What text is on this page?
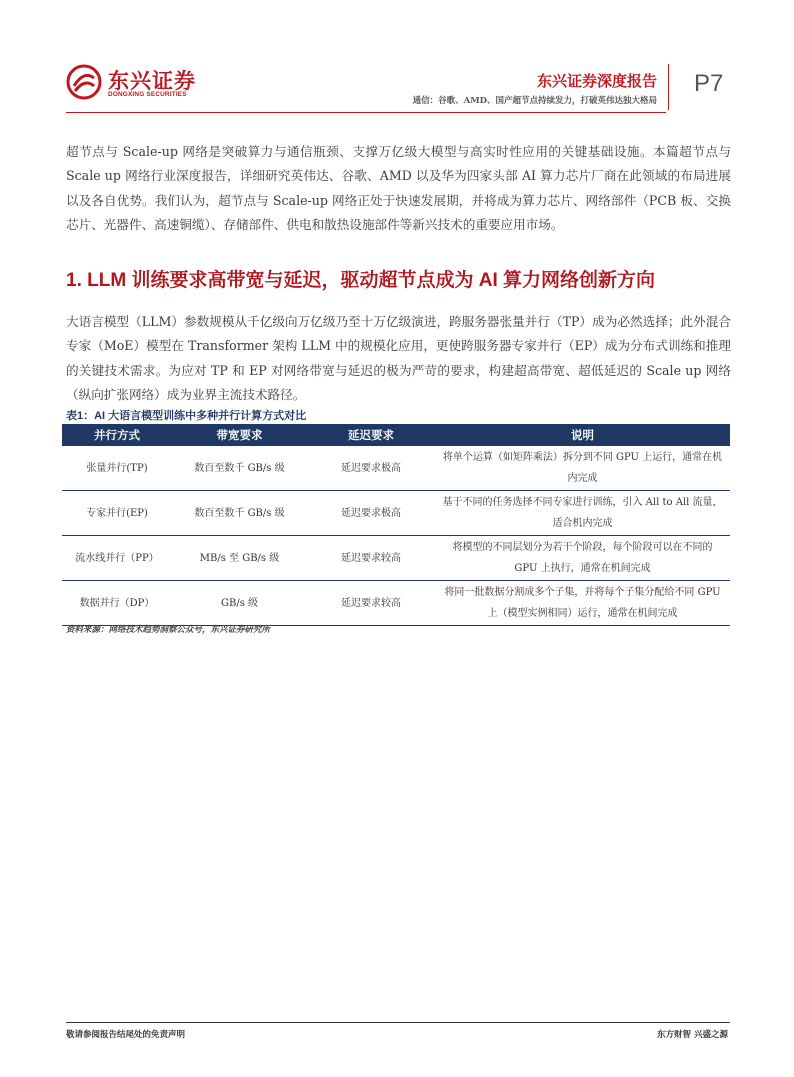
东兴证券
DONGXING SECURITIES
东兴证券深度报告
通信：谷歌、AMD、国产超节点持续发力，打破英伟达独大格局
P7
超节点与 Scale-up 网络是突破算力与通信瓶颈、支撑万亿级大模型与高实时性应用的关键基础设施。本篇超节点与 Scale up 网络行业深度报告，详细研究英伟达、谷歌、AMD 以及华为四家头部 AI 算力芯片厂商在此领域的布局进展以及各自优势。我们认为，超节点与 Scale-up 网络正处于快速发展期，并将成为算力芯片、网络部件（PCB 板、交换芯片、光器件、高速铜缆）、存储部件、供电和散热设施部件等新兴技术的重要应用市场。
1. LLM 训练要求高带宽与延迟，驱动超节点成为 AI 算力网络创新方向
大语言模型（LLM）参数规模从千亿级向万亿级乃至十万亿级演进，跨服务器张量并行（TP）成为必然选择；此外混合专家（MoE）模型在 Transformer 架构 LLM 中的规模化应用，更使跨服务器专家并行（EP）成为分布式训练和推理的关键技术需求。为应对 TP 和 EP 对网络带宽与延迟的极为严苛的要求，构建超高带宽、超低延迟的 Scale up 网络（纵向扩张网络）成为业界主流技术路径。
表1：AI 大语言模型训练中多种并行计算方式对比
并行方式	带宽要求	延迟要求	说明
张量并行(TP)	数百至数千 GB/s 级	延迟要求极高	将单个运算（如矩阵乘法）拆分到不同 GPU 上运行，通常在机内完成
专家并行(EP)	数百至数千 GB/s 级	延迟要求极高	基于不同的任务选择不同专家进行训练，引入 All to All 流量，适合机内完成
流水线并行（PP）	MB/s 至 GB/s 级	延迟要求较高	将模型的不同层划分为若干个阶段，每个阶段可以在不同的 GPU 上执行，通常在机间完成
数据并行（DP）	GB/s 级	延迟要求较高	将同一批数据分割成多个子集，并将每个子集分配给不同 GPU 上（模型实例相同）运行，通常在机间完成
资料来源：网络技术趋势洞察公众号，东兴证券研究所
敬请参阅报告结尾处的免责声明	东方财智 兴盛之源
